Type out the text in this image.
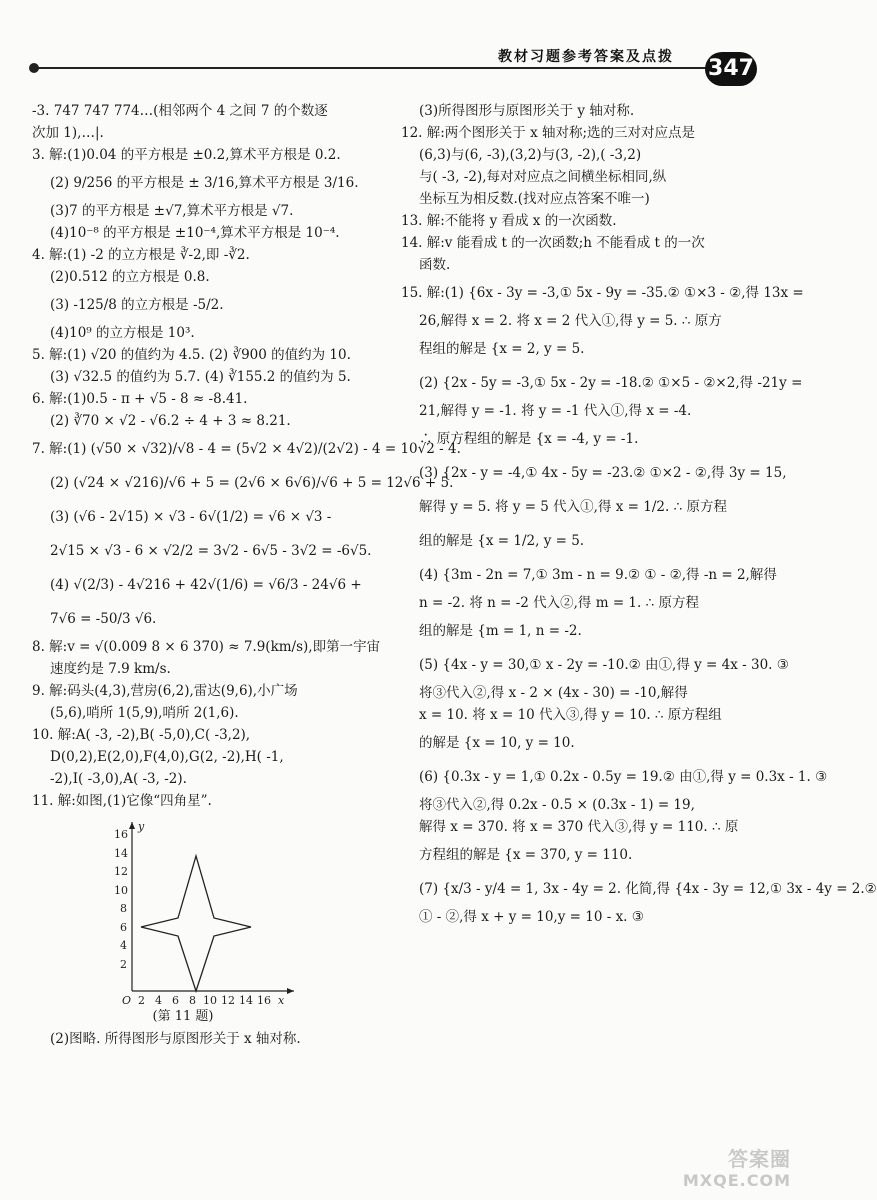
教材习题参考答案及点拨 347
-3. 747 747 774…(相邻两个 4 之间 7 的个数逐
次加 1),…|.
3. 解:(1)0.04 的平方根是 ±0.2,算术平方根是 0.2.
(2) 9/256 的平方根是 ± 3/16,算术平方根是 3/16.
(3)7 的平方根是 ±√7,算术平方根是 √7.
(4)10⁻⁸ 的平方根是 ±10⁻⁴,算术平方根是 10⁻⁴.
4. 解:(1) -2 的立方根是 ∛-2,即 -∛2.
(2)0.512 的立方根是 0.8.
(3) -125/8 的立方根是 -5/2.
(4)10⁹ 的立方根是 10³.
5. 解:(1) √20 的值约为 4.5. (2) ∛900 的值约为 10.
(3) √32.5 的值约为 5.7. (4) ∛155.2 的值约为 5.
6. 解:(1)0.5 - π + √5 - 8 ≈ -8.41.
(2) ∛70 × √2 - √6.2 ÷ 4 + 3 ≈ 8.21.
7. 解:(1) (√50 × √32)/√8 - 4 = (5√2 × 4√2)/(2√2) - 4 = 10√2 - 4.
(2) (√24 × √216)/√6 + 5 = (2√6 × 6√6)/√6 + 5 = 12√6 + 5.
(3) (√6 - 2√15) × √3 - 6√(1/2) = √6 × √3 -
2√15 × √3 - 6 × √2/2 = 3√2 - 6√5 - 3√2 = -6√5.
(4) √(2/3) - 4√216 + 42√(1/6) = √6/3 - 24√6 +
7√6 = -50/3 √6.
8. 解:v = √(0.009 8 × 6 370) ≈ 7.9(km/s),即第一宇宙
速度约是 7.9 km/s.
9. 解:码头(4,3),营房(6,2),雷达(9,6),小广场
(5,6),哨所 1(5,9),哨所 2(1,6).
10. 解:A( -3, -2),B( -5,0),C( -3,2),
D(0,2),E(2,0),F(4,0),G(2, -2),H( -1,
-2),I( -3,0),A( -3, -2).
11. 解:如图,(1)它像“四角星”.
16
14
12
10
8
6
4
2
2 4 6 8 10 12 14 16
O	x
y
(第 11 题)
(2)图略. 所得图形与原图形关于 x 轴对称.
(3)所得图形与原图形关于 y 轴对称.
12. 解:两个图形关于 x 轴对称;选的三对对应点是
(6,3)与(6, -3),(3,2)与(3, -2),( -3,2)
与( -3, -2),每对对应点之间横坐标相同,纵
坐标互为相反数.(找对应点答案不唯一)
13. 解:不能将 y 看成 x 的一次函数.
14. 解:v 能看成 t 的一次函数;h 不能看成 t 的一次
函数.
15. 解:(1) {6x - 3y = -3,① 5x - 9y = -35.② ①×3 - ②,得 13x =
26,解得 x = 2. 将 x = 2 代入①,得 y = 5. ∴ 原方
程组的解是 {x = 2, y = 5.
(2) {2x - 5y = -3,① 5x - 2y = -18.② ①×5 - ②×2,得 -21y =
21,解得 y = -1. 将 y = -1 代入①,得 x = -4.
∴ 原方程组的解是 {x = -4, y = -1.
(3) {2x - y = -4,① 4x - 5y = -23.② ①×2 - ②,得 3y = 15,
解得 y = 5. 将 y = 5 代入①,得 x = 1/2. ∴ 原方程
组的解是 {x = 1/2, y = 5.
(4) {3m - 2n = 7,① 3m - n = 9.② ① - ②,得 -n = 2,解得
n = -2. 将 n = -2 代入②,得 m = 1. ∴ 原方程
组的解是 {m = 1, n = -2.
(5) {4x - y = 30,① x - 2y = -10.② 由①,得 y = 4x - 30. ③
将③代入②,得 x - 2 × (4x - 30) = -10,解得
x = 10. 将 x = 10 代入③,得 y = 10. ∴ 原方程组
的解是 {x = 10, y = 10.
(6) {0.3x - y = 1,① 0.2x - 0.5y = 19.② 由①,得 y = 0.3x - 1. ③
将③代入②,得 0.2x - 0.5 × (0.3x - 1) = 19,
解得 x = 370. 将 x = 370 代入③,得 y = 110. ∴ 原
方程组的解是 {x = 370, y = 110.
(7) {x/3 - y/4 = 1, 3x - 4y = 2. 化简,得 {4x - 3y = 12,① 3x - 4y = 2.②
① - ②,得 x + y = 10,y = 10 - x. ③
答案圈
MXQE.COM
